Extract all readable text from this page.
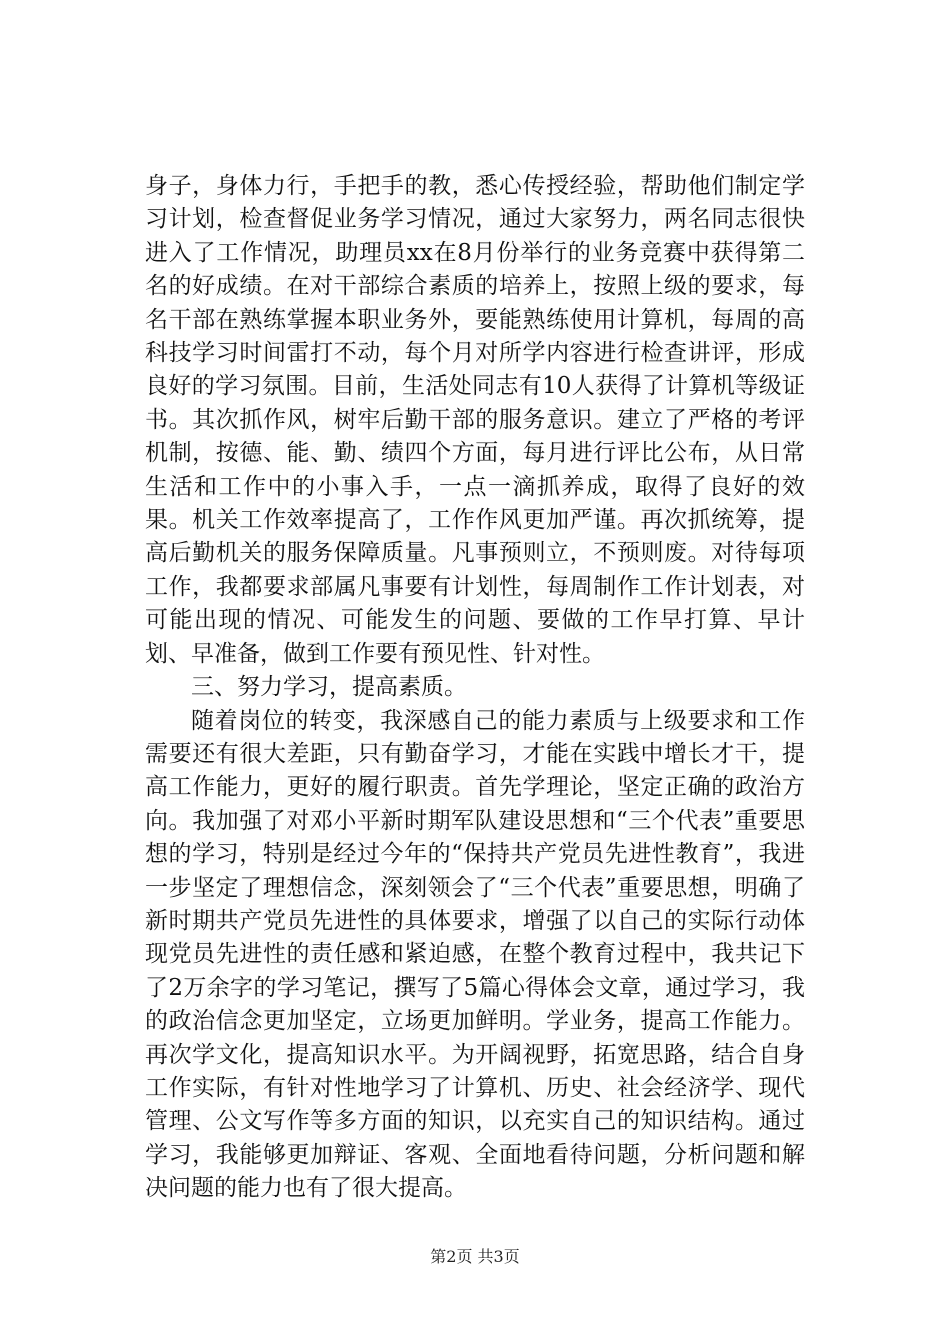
身子，身体力行，手把手的教，悉心传授经验，帮助他们制定学习计划，检查督促业务学习情况，通过大家努力，两名同志很快进入了工作情况，助理员xx在8月份举行的业务竞赛中获得第二名的好成绩。在对干部综合素质的培养上，按照上级的要求，每名干部在熟练掌握本职业务外，要能熟练使用计算机，每周的高科技学习时间雷打不动，每个月对所学内容进行检查讲评，形成良好的学习氛围。目前，生活处同志有10人获得了计算机等级证书。其次抓作风，树牢后勤干部的服务意识。建立了严格的考评机制，按德、能、勤、绩四个方面，每月进行评比公布，从日常生活和工作中的小事入手，一点一滴抓养成，取得了良好的效果。机关工作效率提高了，工作作风更加严谨。再次抓统筹，提高后勤机关的服务保障质量。凡事预则立，不预则废。对待每项工作，我都要求部属凡事要有计划性，每周制作工作计划表，对可能出现的情况、可能发生的问题、要做的工作早打算、早计划、早准备，做到工作要有预见性、针对性。

三、努力学习，提高素质。

随着岗位的转变，我深感自己的能力素质与上级要求和工作需要还有很大差距，只有勤奋学习，才能在实践中增长才干，提高工作能力，更好的履行职责。首先学理论，坚定正确的政治方向。我加强了对邓小平新时期军队建设思想和“三个代表”重要思想的学习，特别是经过今年的“保持共产党员先进性教育”，我进一步坚定了理想信念，深刻领会了“三个代表”重要思想，明确了新时期共产党员先进性的具体要求，增强了以自己的实际行动体现党员先进性的责任感和紧迫感，在整个教育过程中，我共记下了2万余字的学习笔记，撰写了5篇心得体会文章，通过学习，我的政治信念更加坚定，立场更加鲜明。学业务，提高工作能力。再次学文化，提高知识水平。为开阔视野，拓宽思路，结合自身工作实际，有针对性地学习了计算机、历史、社会经济学、现代管理、公文写作等多方面的知识，以充实自己的知识结构。通过学习，我能够更加辩证、客观、全面地看待问题，分析问题和解决问题的能力也有了很大提高。

第2页 共3页
